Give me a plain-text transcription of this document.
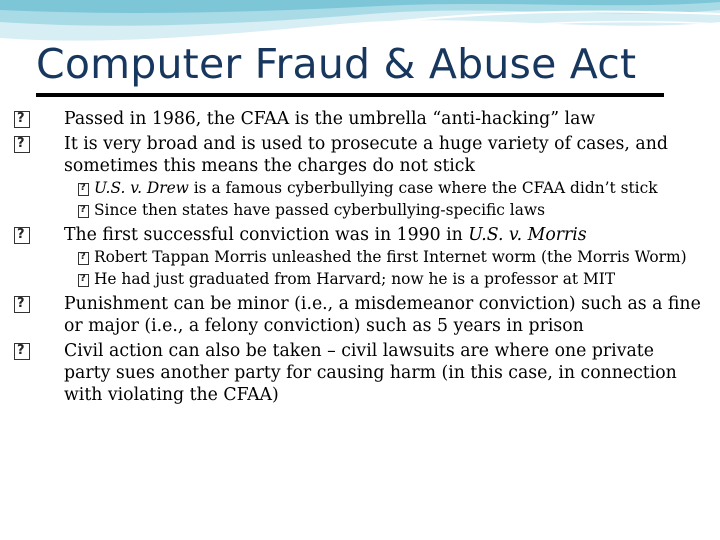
Computer Fraud & Abuse Act
?
Passed in 1986, the CFAA is the umbrella “anti-hacking” law
?
It is very broad and is used to prosecute a huge variety of cases, and sometimes this means the charges do not stick
?
U.S. v. Drew is a famous cyberbullying case where the CFAA didn’t stick
?
Since then states have passed cyberbullying-specific laws
?
The first successful conviction was in 1990 in U.S. v. Morris
?
Robert Tappan Morris unleashed the first Internet worm (the Morris Worm)
?
He had just graduated from Harvard; now he is a professor at MIT
?
Punishment can be minor (i.e., a misdemeanor conviction) such as a fine or major (i.e., a felony conviction) such as 5 years in prison
?
Civil action can also be taken – civil lawsuits are where one private party sues another party for causing harm (in this case, in connection with violating the CFAA)
